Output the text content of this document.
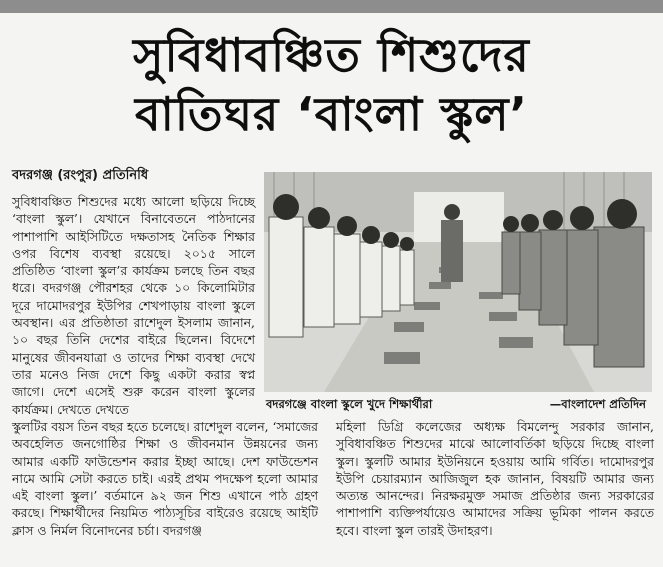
সুবিধাবঞ্চিত শিশুদের
বাতিঘর ‘বাংলা স্কুল’
বদরগঞ্জ (রংপুর) প্রতিনিধি

সুবিধাবঞ্চিত শিশুদের মধ্যে আলো ছড়িয়ে দিচ্ছে ‘বাংলা স্কুল’। যেখানে বিনাবেতনে পাঠদানের পাশাপাশি আইসিটিতে দক্ষতাসহ নৈতিক শিক্ষার ওপর বিশেষ ব্যবস্থা রয়েছে। ২০১৫ সালে প্রতিষ্ঠিত ‘বাংলা স্কুল’র কার্যক্রম চলছে তিন বছর ধরে। বদরগঞ্জ পৌরশহর থেকে ১০ কিলোমিটার দূরে দামোদরপুর ইউপির শেখপাড়ায় বাংলা স্কুলে অবস্থান। এর প্রতিষ্ঠাতা রাশেদুল ইসলাম জানান, ১০ বছর তিনি দেশের বাইরে ছিলেন। বিদেশে মানুষের জীবনযাত্রা ও তাদের শিক্ষা ব্যবস্থা দেখে তার মনেও নিজ দেশে কিছু একটা করার স্বপ্ন জাগে। দেশে এসেই শুরু করেন বাংলা স্কুলের কার্যক্রম। দেখতে দেখতে	বদরগঞ্জে বাংলা স্কুলে খুদে শিক্ষার্থীরা	—বাংলাদেশ প্রতিদিন

স্কুলটির বয়স তিন বছর হতে চলেছে। রাশেদুল বলেন, ‘সমাজের অবহেলিত জনগোষ্ঠির শিক্ষা ও জীবনমান উন্নয়নের জন্য আমার একটি ফাউন্ডেশন করার ইচ্ছা আছে। দেশ ফাউন্ডেশন নামে আমি সেটা করতে চাই। এরই প্রথম পদক্ষেপ হলো আমার এই বাংলা স্কুল।’ বর্তমানে ৯২ জন শিশু এখানে পাঠ গ্রহণ করছে। শিক্ষার্থীদের নিয়মিত পাঠ্যসূচির বাইরেও রয়েছে আইটি ক্লাস ও নির্মল বিনোদনের চর্চা। বদরগঞ্জ

মহিলা ডিগ্রি কলেজের অধ্যক্ষ বিমলেন্দু সরকার জানান, সুবিধাবঞ্চিত শিশুদের মাঝে আলোবর্তিকা ছড়িয়ে দিচ্ছে বাংলা স্কুল। স্কুলটি আমার ইউনিয়নে হওয়ায় আমি গর্বিত। দামোদরপুর ইউপি চেয়ারম্যান আজিজুল হক জানান, বিষয়টি আমার জন্য অত্যন্ত আনন্দের। নিরক্ষরমুক্ত সমাজ প্রতিষ্ঠার জন্য সরকারের পাশাপাশি ব্যক্তিপর্যায়েও আমাদের সক্রিয় ভূমিকা পালন করতে হবে। বাংলা স্কুল তারই উদাহরণ।
